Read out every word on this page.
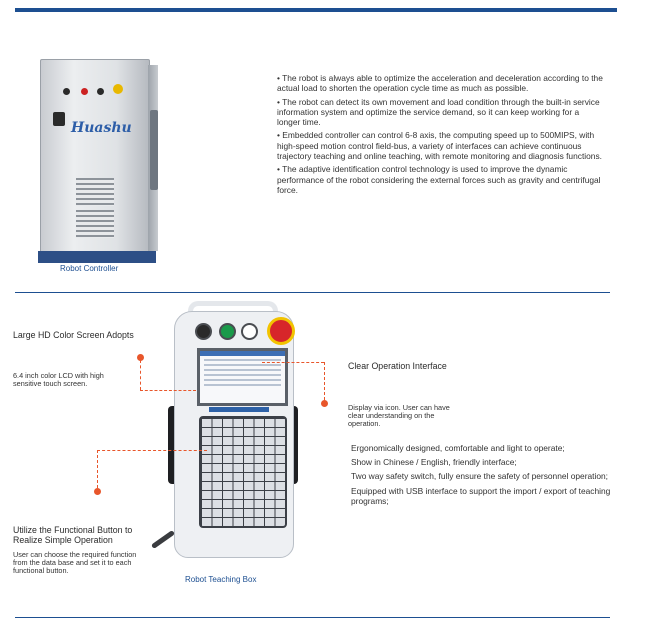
Huashu
Robot Controller

• The robot is always able to optimize the acceleration and deceleration according to the actual load to shorten the operation cycle time as much as possible.

• The robot can detect its own movement and load condition through the built-in service information system and optimize the service demand, so it can keep working for a longer time.

• Embedded controller can control 6-8 axis, the computing speed up to 500MIPS, with high-speed motion control field-bus, a variety of interfaces can achieve continuous trajectory teaching and online teaching, with remote monitoring and diagnosis functions.

• The adaptive identification control technology is used to improve the dynamic performance of the robot considering the external forces such as gravity and centrifugal force.

Robot Teaching Box
Large HD Color Screen Adopts
6.4 inch color LCD with high sensitive touch screen.
Clear Operation Interface
Display via icon. User can have clear understanding on the operation.
Utilize the Functional Button to Realize Simple Operation
User can choose the required function from the data base and set it to each functional button.

Ergonomically designed, comfortable and light to operate;

Show in Chinese / English, friendly interface;

Two way safety switch, fully ensure the safety of personnel operation;

Equipped with USB interface to support the import / export of teaching programs;
